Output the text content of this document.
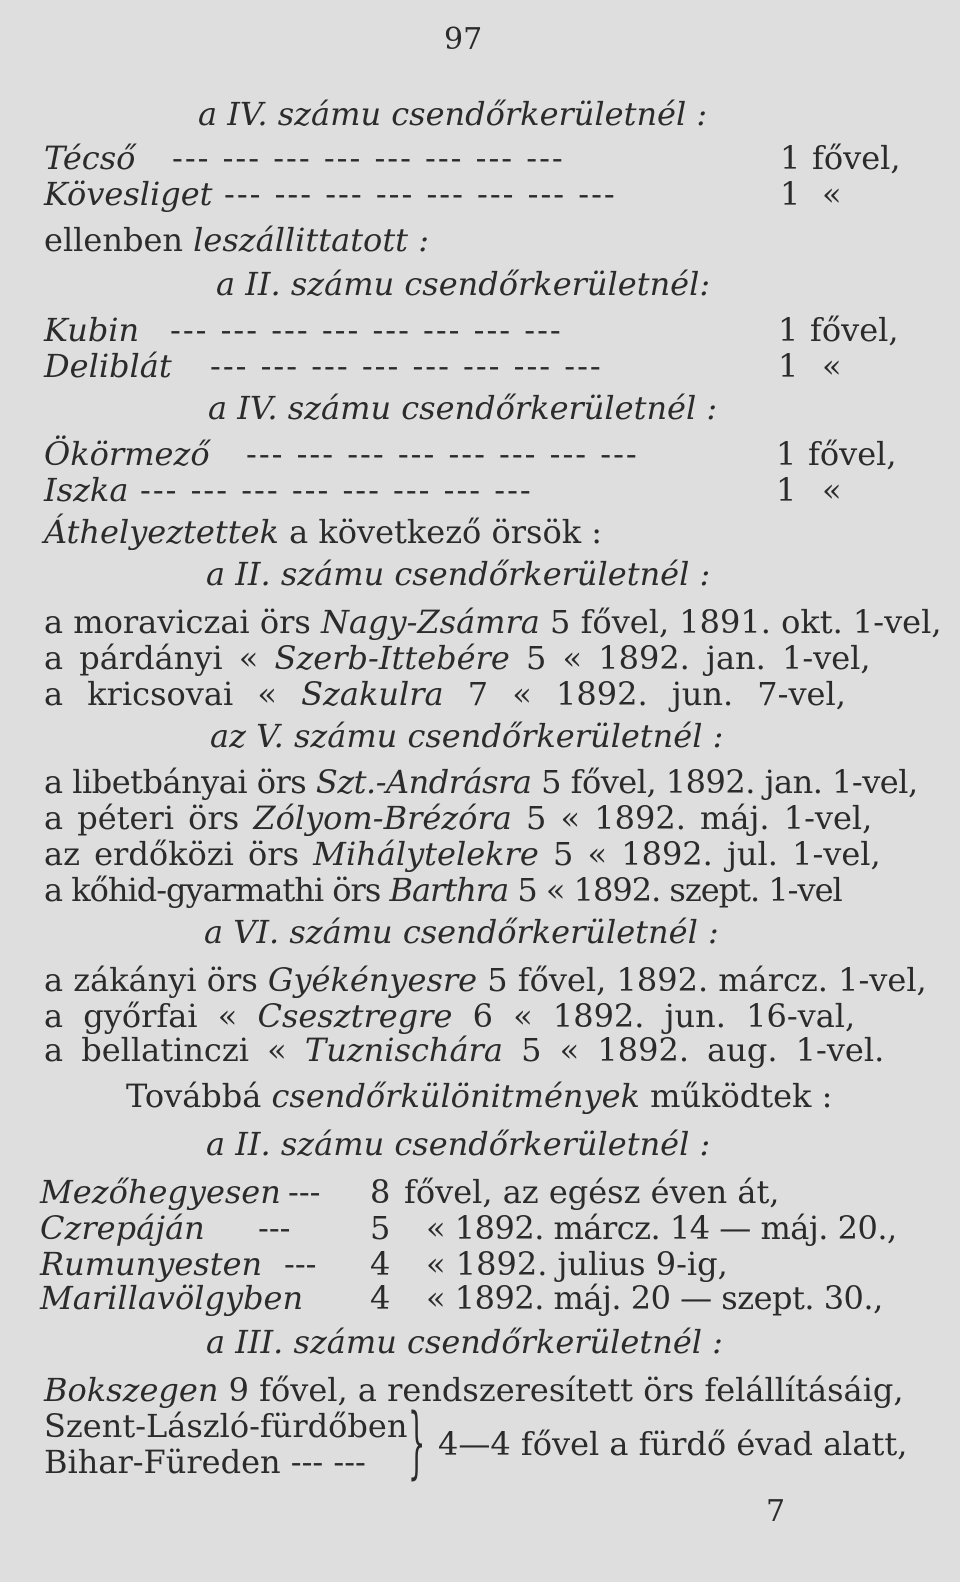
97
a IV. számu csendőrkerületnél :
Técső --- --- --- --- --- --- --- ---	1 fővel,
Kövesliget --- --- --- --- --- --- --- ---	1 «
ellenben leszállittatott :
a II. számu csendőrkerületnél:
Kubin --- --- --- --- --- --- --- ---	1 fővel,
Deliblát --- --- --- --- --- --- --- ---	1 «
a IV. számu csendőrkerületnél :
Ökörmező --- --- --- --- --- --- --- ---	1 fővel,
Iszka --- --- --- --- --- --- --- ---	1 «
Áthelyeztettek a következő örsök :
a II. számu csendőrkerületnél :
a moraviczai örs Nagy-Zsámra 5 fővel, 1891. okt. 1-vel,
a párdányi « Szerb-Ittebére 5 « 1892. jan. 1-vel,
a kricsovai « Szakulra 7 « 1892. jun. 7-vel,
az V. számu csendőrkerületnél :
a libetbányai örs Szt.-Andrásra 5 fővel, 1892. jan. 1-vel,
a péteri örs Zólyom-Brézóra 5 « 1892. máj. 1-vel,
az erdőközi örs Mihálytelekre 5 « 1892. jul. 1-vel,
a kőhid-gyarmathi örs Barthra 5 « 1892. szept. 1-vel
a VI. számu csendőrkerületnél :
a zákányi örs Gyékényesre 5 fővel, 1892. márcz. 1-vel,
a győrfai « Csesztregre 6 « 1892. jun. 16-val,
a bellatinczi « Tuznischára 5 « 1892. aug. 1-vel.
Továbbá csendőrkülönitmények működtek :
a II. számu csendőrkerületnél :
Mezőhegyesen --- 8 fővel, az egész éven át,
Czrepáján --- 5 « 1892. márcz. 14 — máj. 20.,
Rumunyesten --- 4 « 1892. julius 9-ig,
Marillavölgyben 4 « 1892. máj. 20 — szept. 30.,
a III. számu csendőrkerületnél :
Bokszegen 9 fővel, a rendszeresített örs felállításáig,
Szent-László-fürdőben
Bihar-Füreden --- --- } 4—4 fővel a fürdő évad alatt,
7
